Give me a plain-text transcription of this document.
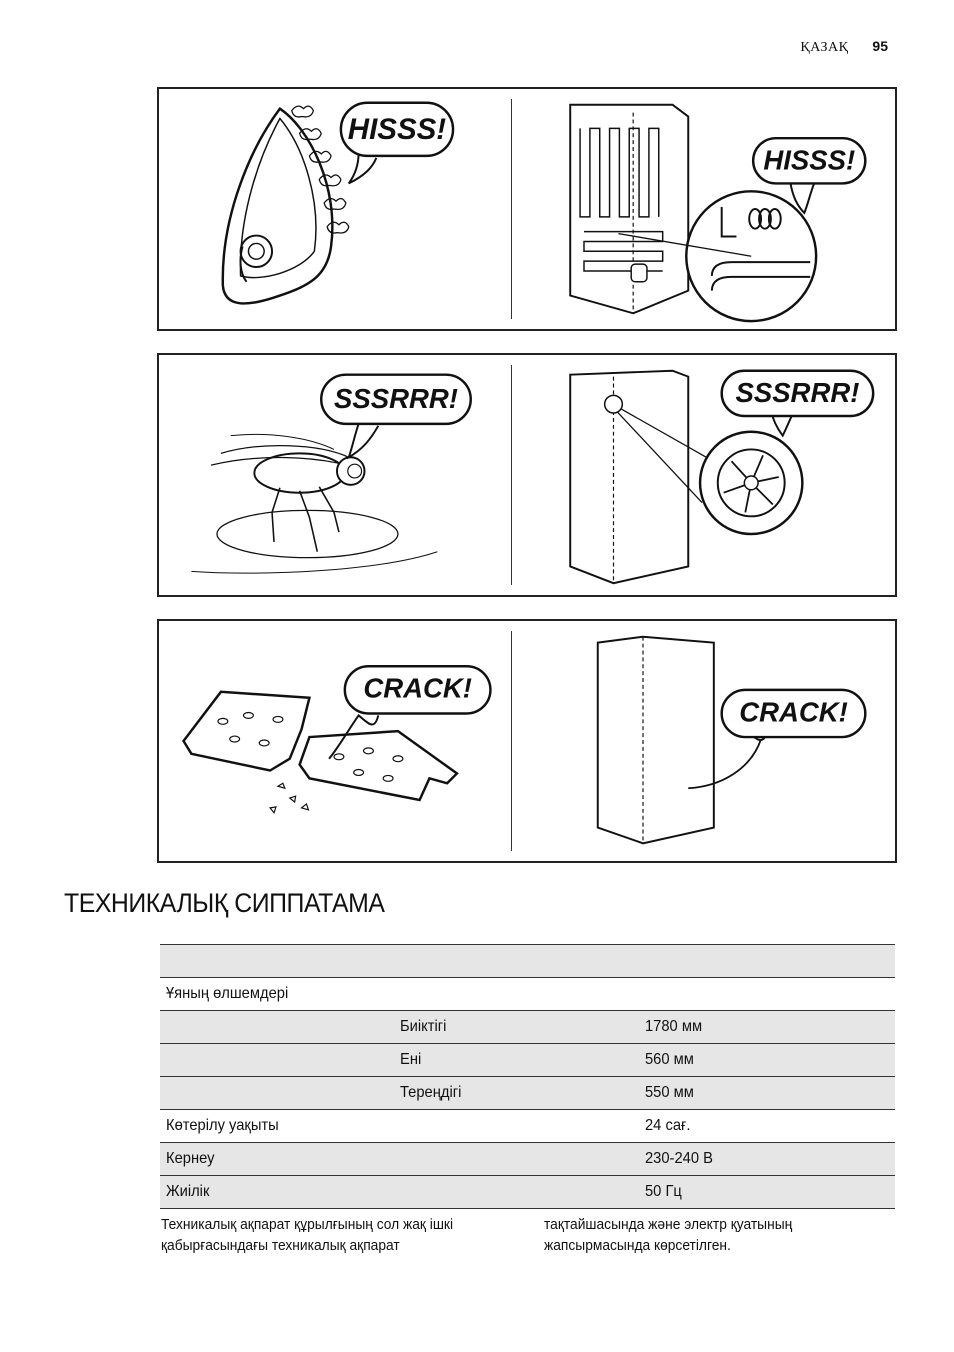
ҚАЗАҚ 95
HISSS!
HISSS!
SSSRRR!	SSSRRR!
CRACK!
CRACK!
ТЕХНИКАЛЫҚ СИППАТАМА

Ұяның өлшемдері		
	Биіктігі	1780 мм
	Ені	560 мм
	Тереңдігі	550 мм
Көтерілу уақыты		24 сағ.
Кернеу		230-240 В
Жиілік		50 Гц
Техникалық ақпарат құрылғының сол жақ ішкі
қабырғасындағы техникалық ақпарат
тақтайшасында және электр қуатының
жапсырмасында көрсетілген.
